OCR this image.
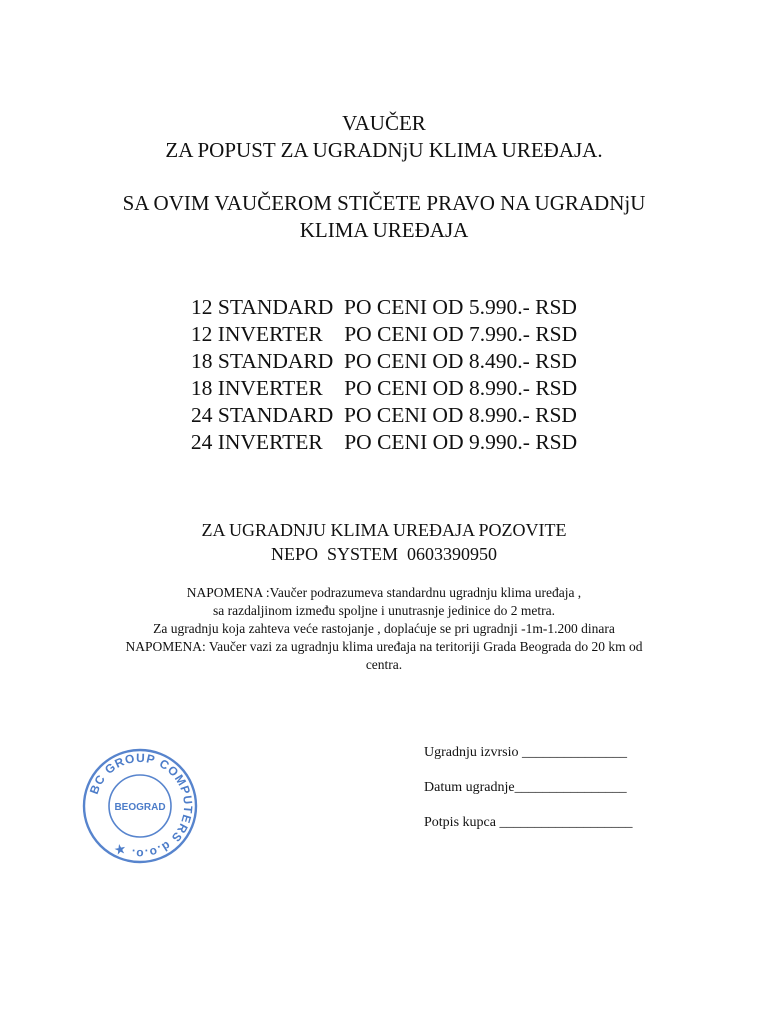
VAUČER
ZA POPUST ZA UGRADNjU KLIMA UREĐAJA.
SA OVIM VAUČEROM STIČETE PRAVO NA UGRADNjU
KLIMA UREĐAJA
12 STANDARD  PO CENI OD 5.990.- RSD
12 INVERTER    PO CENI OD 7.990.- RSD
18 STANDARD  PO CENI OD 8.490.- RSD
18 INVERTER    PO CENI OD 8.990.- RSD
24 STANDARD  PO CENI OD 8.990.- RSD
24 INVERTER    PO CENI OD 9.990.- RSD
ZA UGRADNJU KLIMA UREĐAJA POZOVITE
NEPO  SYSTEM  0603390950
NAPOMENA :Vaučer podrazumeva standardnu ugradnju klima uređaja ,
sa razdaljinom između spoljne i unutrasnje jedinice do 2 metra.
Za ugradnju koja zahteva veće rastojanje , doplaćuje se pri ugradnji -1m-1.200 dinara
NAPOMENA: Vaučer vazi za ugradnju klima uređaja na teritoriji Grada Beograda do 20 km od
centra.
BC GROUP COMPUTERS d.o.o. ★
BEOGRAD
Ugradnju izvrsio _______________
Datum ugradnje________________
Potpis kupca ___________________
